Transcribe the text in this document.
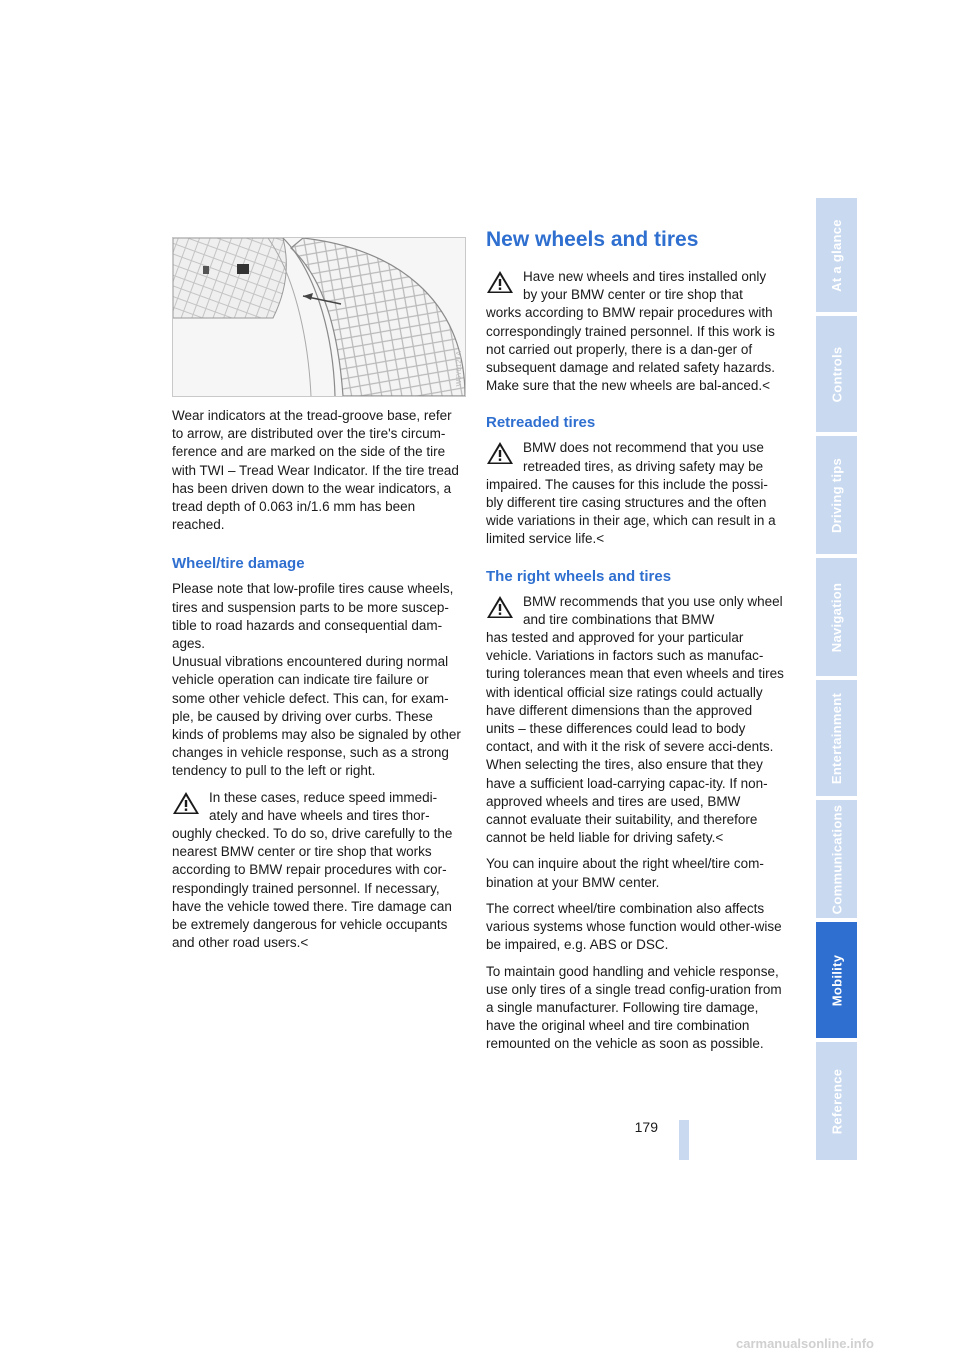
W6Y0121A

Wear indicators at the tread-groove base, refer to arrow, are distributed over the tire's circum-ference and are marked on the side of the tire with TWI – Tread Wear Indicator. If the tire tread has been driven down to the wear indicators, a tread depth of 0.063 in/1.6 mm has been reached.

Wheel/tire damage

Please note that low-profile tires cause wheels, tires and suspension parts to be more suscep-tible to road hazards and consequential dam-ages.

Unusual vibrations encountered during normal vehicle operation can indicate tire failure or some other vehicle defect. This can, for exam-ple, be caused by driving over curbs. These kinds of problems may also be signaled by other changes in vehicle response, such as a strong tendency to pull to the left or right.

In these cases, reduce speed immedi-ately and have wheels and tires thor-

oughly checked. To do so, drive carefully to the nearest BMW center or tire shop that works according to BMW repair procedures with cor-respondingly trained personnel. If necessary, have the vehicle towed there. Tire damage can be extremely dangerous for vehicle occupants and other road users.<

New wheels and tires

Have new wheels and tires installed only by your BMW center or tire shop that

works according to BMW repair procedures with correspondingly trained personnel. If this work is not carried out properly, there is a dan-ger of subsequent damage and related safety hazards. Make sure that the new wheels are bal-anced.<

Retreaded tires

BMW does not recommend that you use retreaded tires, as driving safety may be

impaired. The causes for this include the possi-bly different tire casing structures and the often wide variations in their age, which can result in a limited service life.<

The right wheels and tires

BMW recommends that you use only wheel and tire combinations that BMW

has tested and approved for your particular vehicle. Variations in factors such as manufac-turing tolerances mean that even wheels and tires with identical official size ratings could actually have different dimensions than the approved units – these differences could lead to body contact, and with it the risk of severe acci-dents. When selecting the tires, also ensure that they have a sufficient load-carrying capac-ity. If non-approved wheels and tires are used, BMW cannot evaluate their suitability, and therefore cannot be held liable for driving safety.<

You can inquire about the right wheel/tire com-bination at your BMW center.

The correct wheel/tire combination also affects various systems whose function would other-wise be impaired, e.g. ABS or DSC.

To maintain good handling and vehicle response, use only tires of a single tread config-uration from a single manufacturer. Following tire damage, have the original wheel and tire combination remounted on the vehicle as soon as possible.

At a glance
Controls
Driving tips
Navigation
Entertainment
Communications
Mobility
Reference
179
carmanualsonline.info
